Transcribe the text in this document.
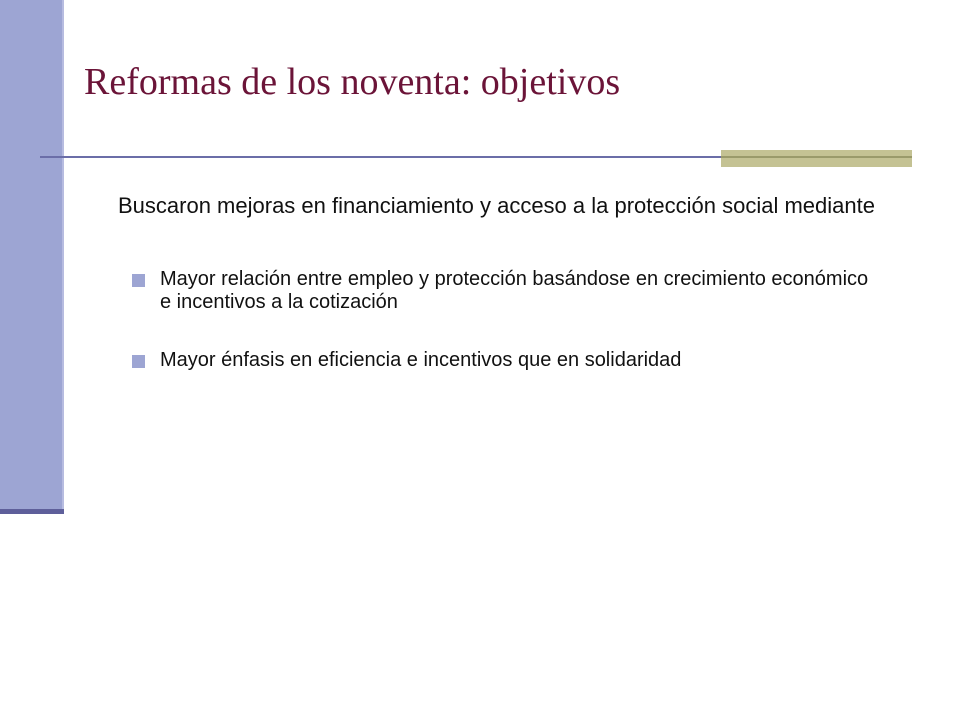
Reformas de los noventa: objetivos

Buscaron mejoras en financiamiento y acceso a la protección social mediante

Mayor relación entre empleo y protección basándose en crecimiento económico e incentivos a la cotización
Mayor énfasis en eficiencia e incentivos que en solidaridad
